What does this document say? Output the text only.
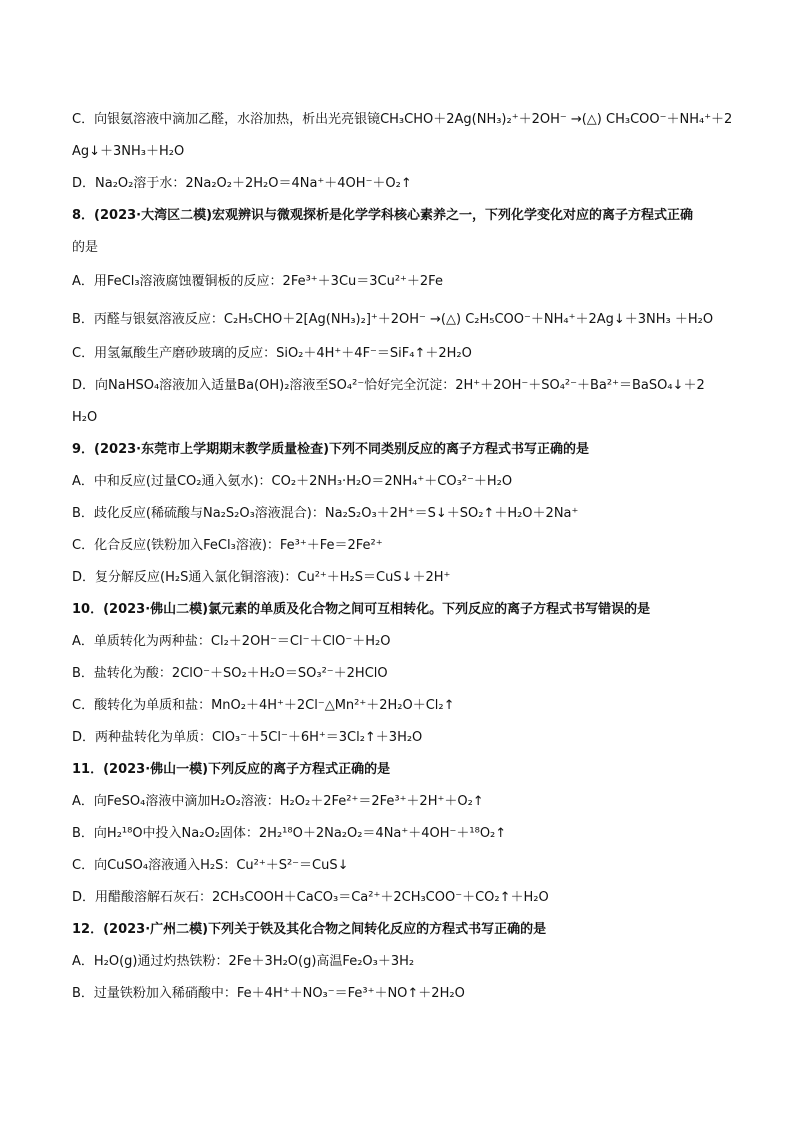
C．向银氨溶液中滴加乙醛，水浴加热，析出光亮银镜CH₃CHO＋2Ag(NH₃)₂⁺＋2OH⁻ →(△) CH₃COO⁻＋NH₄⁺＋2
Ag↓＋3NH₃＋H₂O
D．Na₂O₂溶于水：2Na₂O₂＋2H₂O＝4Na⁺＋4OH⁻＋O₂↑
8．(2023·大湾区二模)宏观辨识与微观探析是化学学科核心素养之一，下列化学变化对应的离子方程式正确
的是
A．用FeCl₃溶液腐蚀覆铜板的反应：2Fe³⁺＋3Cu＝3Cu²⁺＋2Fe
B．丙醛与银氨溶液反应：C₂H₅CHO＋2[Ag(NH₃)₂]⁺＋2OH⁻ →(△) C₂H₅COO⁻＋NH₄⁺＋2Ag↓＋3NH₃ ＋H₂O
C．用氢氟酸生产磨砂玻璃的反应：SiO₂＋4H⁺＋4F⁻＝SiF₄↑＋2H₂O
D．向NaHSO₄溶液加入适量Ba(OH)₂溶液至SO₄²⁻恰好完全沉淀：2H⁺＋2OH⁻＋SO₄²⁻＋Ba²⁺＝BaSO₄↓＋2
H₂O
9．(2023·东莞市上学期期末教学质量检查)下列不同类别反应的离子方程式书写正确的是
A．中和反应(过量CO₂通入氨水)：CO₂＋2NH₃·H₂O＝2NH₄⁺＋CO₃²⁻＋H₂O
B．歧化反应(稀硫酸与Na₂S₂O₃溶液混合)：Na₂S₂O₃＋2H⁺＝S↓＋SO₂↑＋H₂O＋2Na⁺
C．化合反应(铁粉加入FeCl₃溶液)：Fe³⁺＋Fe＝2Fe²⁺
D．复分解反应(H₂S通入氯化铜溶液)：Cu²⁺＋H₂S＝CuS↓＋2H⁺
10．(2023·佛山二模)氯元素的单质及化合物之间可互相转化。下列反应的离子方程式书写错误的是
A．单质转化为两种盐：Cl₂＋2OH⁻＝Cl⁻＋ClO⁻＋H₂O
B．盐转化为酸：2ClO⁻＋SO₂＋H₂O＝SO₃²⁻＋2HClO
C．酸转化为单质和盐：MnO₂＋4H⁺＋2Cl⁻△Mn²⁺＋2H₂O＋Cl₂↑
D．两种盐转化为单质：ClO₃⁻＋5Cl⁻＋6H⁺＝3Cl₂↑＋3H₂O
11．(2023·佛山一模)下列反应的离子方程式正确的是
A．向FeSO₄溶液中滴加H₂O₂溶液：H₂O₂＋2Fe²⁺＝2Fe³⁺＋2H⁺＋O₂↑
B．向H₂¹⁸O中投入Na₂O₂固体：2H₂¹⁸O＋2Na₂O₂＝4Na⁺＋4OH⁻＋¹⁸O₂↑
C．向CuSO₄溶液通入H₂S：Cu²⁺＋S²⁻＝CuS↓
D．用醋酸溶解石灰石：2CH₃COOH＋CaCO₃＝Ca²⁺＋2CH₃COO⁻＋CO₂↑＋H₂O
12．(2023·广州二模)下列关于铁及其化合物之间转化反应的方程式书写正确的是
A．H₂O(g)通过灼热铁粉：2Fe＋3H₂O(g)高温Fe₂O₃＋3H₂
B．过量铁粉加入稀硝酸中：Fe＋4H⁺＋NO₃⁻＝Fe³⁺＋NO↑＋2H₂O
